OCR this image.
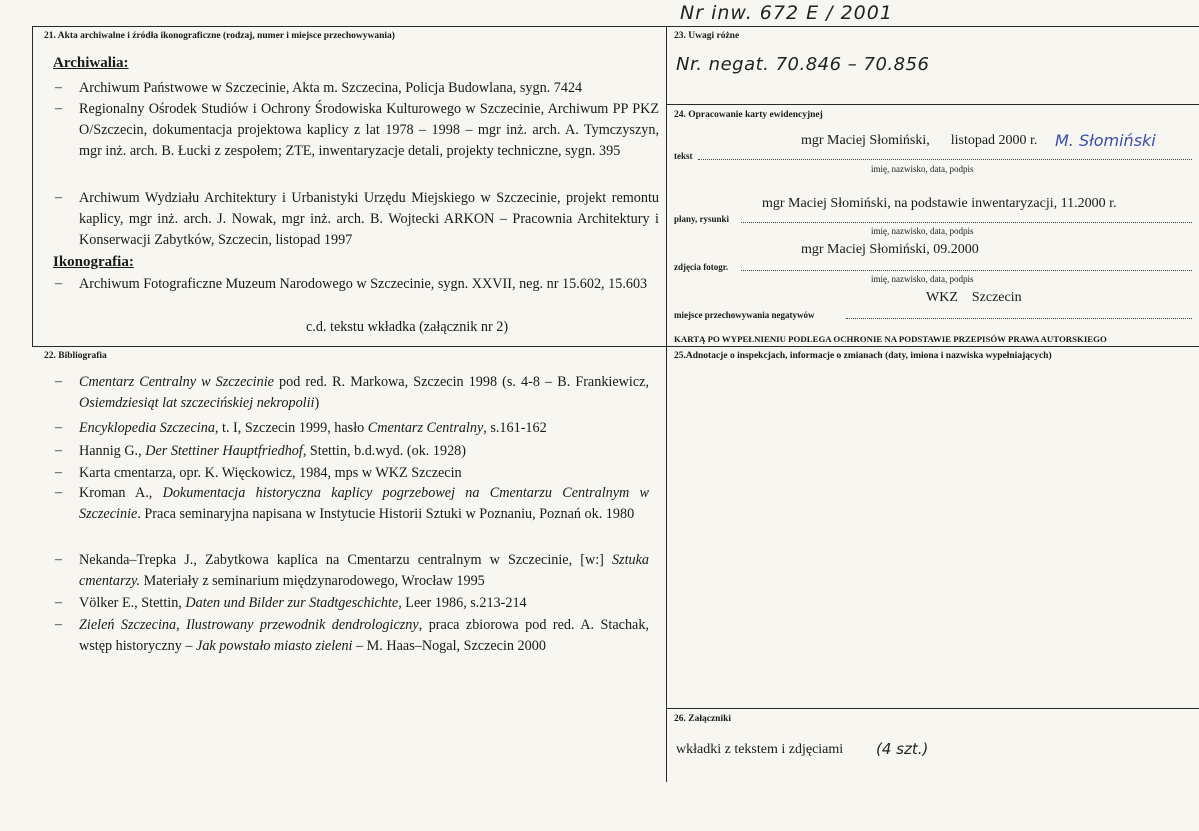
Nr inw. 672 E / 2001
21. Akta archiwalne i źródła ikonograficzne (rodzaj, numer i miejsce przechowywania)
Archiwalia:
– Archiwum Państwowe w Szczecinie, Akta m. Szczecina, Policja Budowlana, sygn. 7424
– Regionalny Ośrodek Studiów i Ochrony Środowiska Kulturowego w Szczecinie, Archiwum PP PKZ O/Szczecin, dokumentacja projektowa kaplicy z lat 1978 – 1998 – mgr inż. arch. A. Tymczyszyn, mgr inż. arch. B. Łucki z zespołem; ZTE, inwentaryzacje detali, projekty techniczne, sygn. 395
– Archiwum Wydziału Architektury i Urbanistyki Urzędu Miejskiego w Szczecinie, projekt remontu kaplicy, mgr inż. arch. J. Nowak, mgr inż. arch. B. Wojtecki ARKON – Pracownia Architektury i Konserwacji Zabytków, Szczecin, listopad 1997
Ikonografia:
– Archiwum Fotograficzne Muzeum Narodowego w Szczecinie, sygn. XXVII, neg. nr 15.602, 15.603
c.d. tekstu wkładka (załącznik nr 2)
22. Bibliografia
– Cmentarz Centralny w Szczecinie pod red. R. Markowa, Szczecin 1998 (s. 4-8 – B. Frankiewicz, Osiemdziesiąt lat szczecińskiej nekropolii)
– Encyklopedia Szczecina, t. I, Szczecin 1999, hasło Cmentarz Centralny, s.161-162
– Hannig G., Der Stettiner Hauptfriedhof, Stettin, b.d.wyd. (ok. 1928)
– Karta cmentarza, opr. K. Więckowicz, 1984, mps w WKZ Szczecin
– Kroman A., Dokumentacja historyczna kaplicy pogrzebowej na Cmentarzu Centralnym w Szczecinie. Praca seminaryjna napisana w Instytucie Historii Sztuki w Poznaniu, Poznań ok. 1980
– Nekanda–Trepka J., Zabytkowa kaplica na Cmentarzu centralnym w Szczecinie, [w:] Sztuka cmentarzy. Materiały z seminarium międzynarodowego, Wrocław 1995
– Völker E., Stettin, Daten und Bilder zur Stadtgeschichte, Leer 1986, s.213-214
– Zieleń Szczecina, Ilustrowany przewodnik dendrologiczny, praca zbiorowa pod red. A. Stachak, wstęp historyczny – Jak powstało miasto zieleni – M. Haas–Nogal, Szczecin 2000
23. Uwagi różne
Nr. negat. 70.846 – 70.856
24. Opracowanie karty ewidencyjnej
mgr Maciej Słomiński,      listopad 2000 r. M. Słomiński
tekst
imię, nazwisko, data, podpis
mgr Maciej Słomiński, na podstawie inwentaryzacji, 11.2000 r.
plany, rysunki
imię, nazwisko, data, podpis
mgr Maciej Słomiński, 09.2000
zdjęcia fotogr.
imię, nazwisko, data, podpis
WKZ    Szczecin
miejsce przechowywania negatywów
KARTĄ PO WYPEŁNIENIU PODLEGA OCHRONIE NA PODSTAWIE PRZEPISÓW PRAWA AUTORSKIEGO
25.Adnotacje o inspekcjach, informacje o zmianach (daty, imiona i nazwiska wypełniających)
26. Załączniki
wkładki z tekstem i zdjęciami (4 szt.)
